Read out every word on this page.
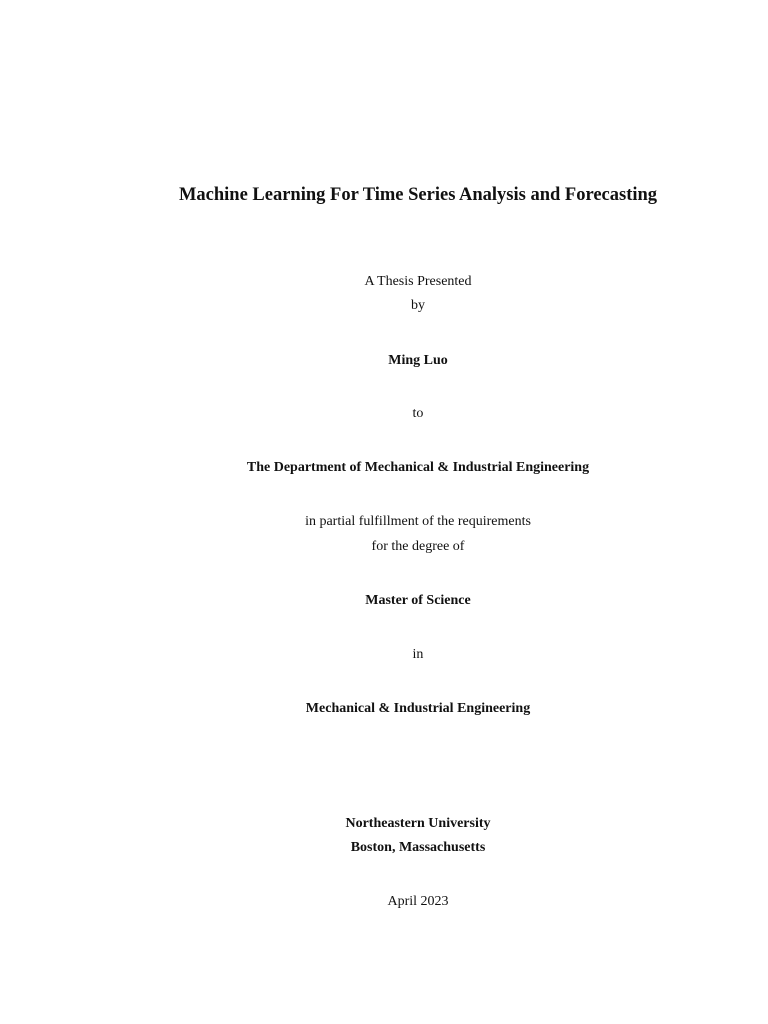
Machine Learning For Time Series Analysis and Forecasting
A Thesis Presented
by
Ming Luo
to
The Department of Mechanical & Industrial Engineering
in partial fulfillment of the requirements
for the degree of
Master of Science
in
Mechanical & Industrial Engineering
Northeastern University
Boston, Massachusetts
April 2023
